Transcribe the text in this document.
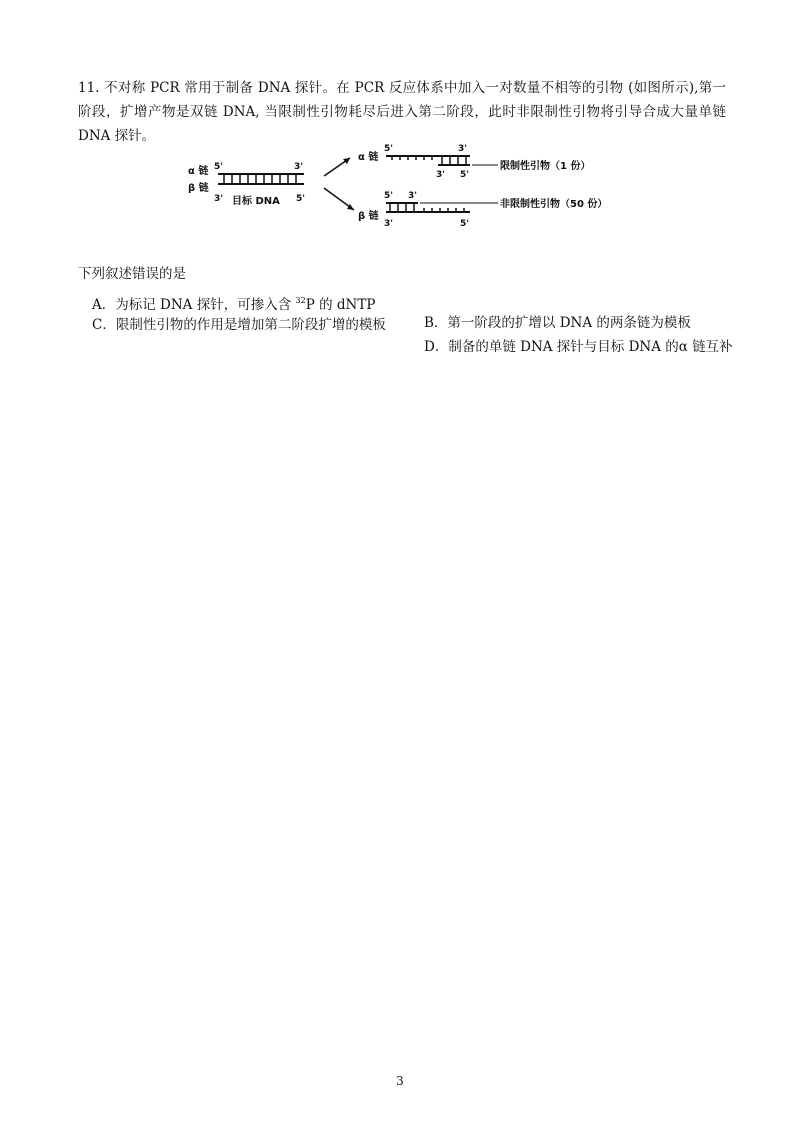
11. 不对称 PCR 常用于制备 DNA 探针。在 PCR 反应体系中加入一对数量不相等的引物 (如图所示),第一阶段，扩增产物是双链 DNA, 当限制性引物耗尽后进入第二阶段，此时非限制性引物将引导合成大量单链DNA 探针。
α 链
β 链
5'	3'
3'	5'
目标 DNA
α 链
5'	3'
3' 5'
限制性引物（1 份）
β 链
5' 3'
非限制性引物（50 份）
3'	5'
下列叙述错误的是
A．为标记 DNA 探针，可掺入含 $^{32}$P 的 dNTP
C．限制性引物的作用是增加第二阶段扩增的模板	B．第一阶段的扩增以 DNA 的两条链为模板
D．制备的单链 DNA 探针与目标 DNA 的α 链互补
3
